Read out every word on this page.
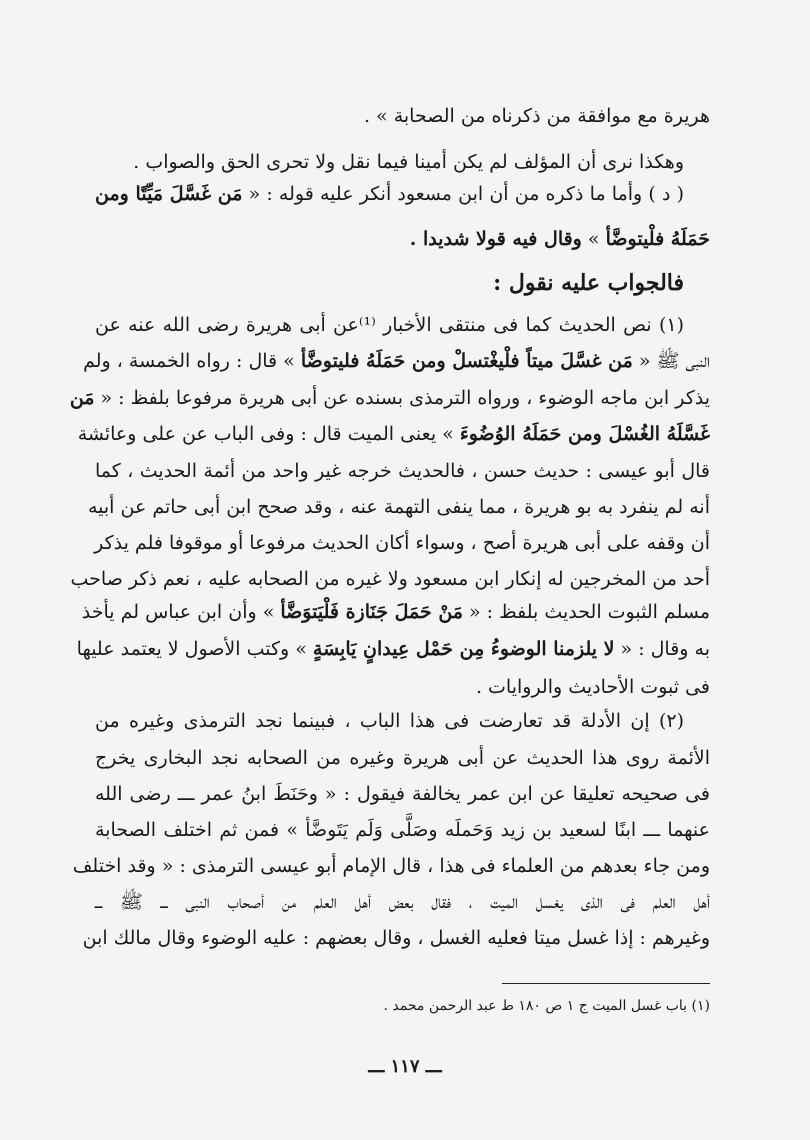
هريرة مع موافقة من ذكرناه من الصحابة » .
وهكذا نرى أن المؤلف لم يكن أمينا فيما نقل ولا تحرى الحق والصواب .
( د ) وأما ما ذكره من أن ابن مسعود أنكر عليه قوله : « مَن غَسَّلَ مَيِّتًا ومن
حَمَلَهُ فلْيتوضَّأ » وقال فيه قولا شديدا .
فالجواب عليه نقول :
(١) نص الحديث كما فى منتقى الأخبار ⁽¹⁾عن أبى هريرة رضى الله عنه عن
النبى ﷺ « مَن غسَّلَ ميتاً فلْيغْتسلْ ومن حَمَلَهُ فليتوضَّأ » قال : رواه الخمسة ، ولم
يذكر ابن ماجه الوضوء ، ورواه الترمذى بسنده عن أبى هريرة مرفوعا بلفظ : « مَن
غَسَّلَهُ الغُسْلَ ومن حَمَلَهُ الوُضُوءَ » يعنى الميت قال : وفى الباب عن على وعائشة
قال أبو عيسى : حديث حسن ، فالحديث خرجه غير واحد من أئمة الحديث ، كما
أنه لم ينفرد به بو هريرة ، مما ينفى التهمة عنه ، وقد صحح ابن أبى حاتم عن أبيه
أن وقفه على أبى هريرة أصح ، وسواء أكان الحديث مرفوعا أو موقوفا فلم يذكر
أحد من المخرجين له إنكار ابن مسعود ولا غيره من الصحابه عليه ، نعم ذكر صاحب
مسلم الثبوت الحديث بلفظ : « مَنْ حَمَلَ جَنَازة فَلْيَتوَضَّأ » وأن ابن عباس لم يأخذ
به وقال : « لا يلزمنا الوضوءُ مِن حَمْل عِيدانٍ يَابِسَةٍ » وكتب الأصول لا يعتمد عليها
فى ثبوت الأحاديث والروايات .
(٢) إن الأدلة قد تعارضت فى هذا الباب ، فبينما نجد الترمذى وغيره من
الأئمة روى هذا الحديث عن أبى هريرة وغيره من الصحابه نجد البخارى يخرج
فى صحيحه تعليقا عن ابن عمر يخالفة فيقول : « وحَنَطَ ابنُ عمر ـــ رضى الله
عنهما ـــ ابنًا لسعيد بن زيد وَحَملَه وصَلَّى وَلَم يَتَوضَّأ » فمن ثم اختلف الصحابة
ومن جاء بعدهم من العلماء فى هذا ، قال الإمام أبو عيسى الترمذى : « وقد اختلف
أهل العلم فى الذى يغسل الميت ، فقال بعض أهل العلم من أصحاب النبى ـــ ﷺ ـــ
وغيرهم : إذا غسل ميتا فعليه الغسل ، وقال بعضهم : عليه الوضوء وقال مالك ابن
(١) باب غسل الميت ج ١ ص ١٨٠ ط عبد الرحمن محمد .
ـــ ١١٧ ـــ
